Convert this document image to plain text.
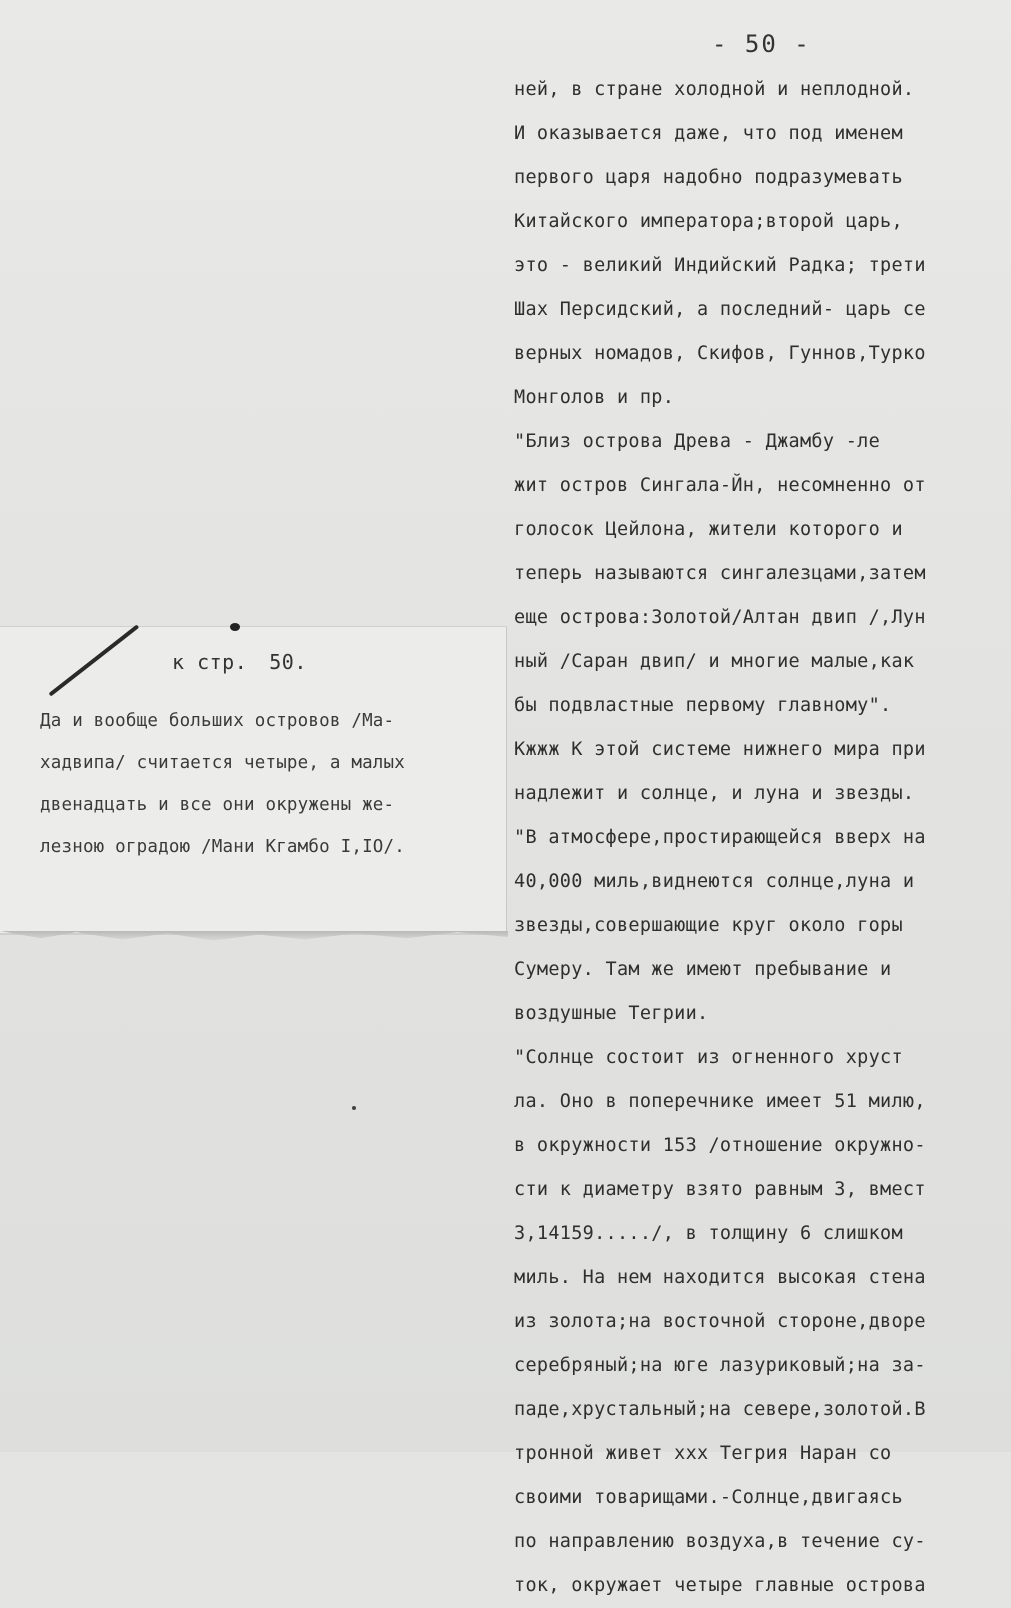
- 50 -
ней, в стране холодной и неплодной.
И оказывается даже, что под именем
первого царя надобно подразумевать
Китайского императора;второй царь,
это - великий Индийский Радка; трети
Шах Персидский, а последний- царь се
верных номадов, Скифов, Гуннов,Турко
Монголов и пр.
"Близ острова Древа - Джамбу -ле
жит остров Сингала-Йн, несомненно от
голосок Цейлона, жители которого и
теперь называются сингалезцами,затем
еще острова:Золотой/Алтан двип /,Лун
ный /Саран двип/ и многие малые,как
бы подвластные первому главному".
Кжжж К этой системе нижнего мира при
надлежит и солнце, и луна и звезды.
"В атмосфере,простирающейся вверх на
40,000 миль,виднеются солнце,луна и
звезды,совершающие круг около горы
Сумеру. Там же имеют пребывание и
воздушные Тегрии.
"Солнце состоит из огненного хруст
ла. Оно в поперечнике имеет 51 милю,
в окружности 153 /отношение окружно-
сти к диаметру взято равным 3, вмест
3,14159...../, в толщину 6 слишком
миль. На нем находится высокая стена
из золота;на восточной стороне,дворе
серебряный;на юге лазуриковый;на за-
паде,хрустальный;на севере,золотой.В
тронной живет ххх Тегрия Наран со
своими товарищами.-Солнце,двигаясь
по направлению воздуха,в течение су-
ток, окружает четыре главные острова
к стр. 50.
Да и вообще больших островов /Ма-
хадвипа/ считается четыре, а малых
двенадцать и все они окружены же-
лезною оградою /Мани Кгамбо I,IO/.
